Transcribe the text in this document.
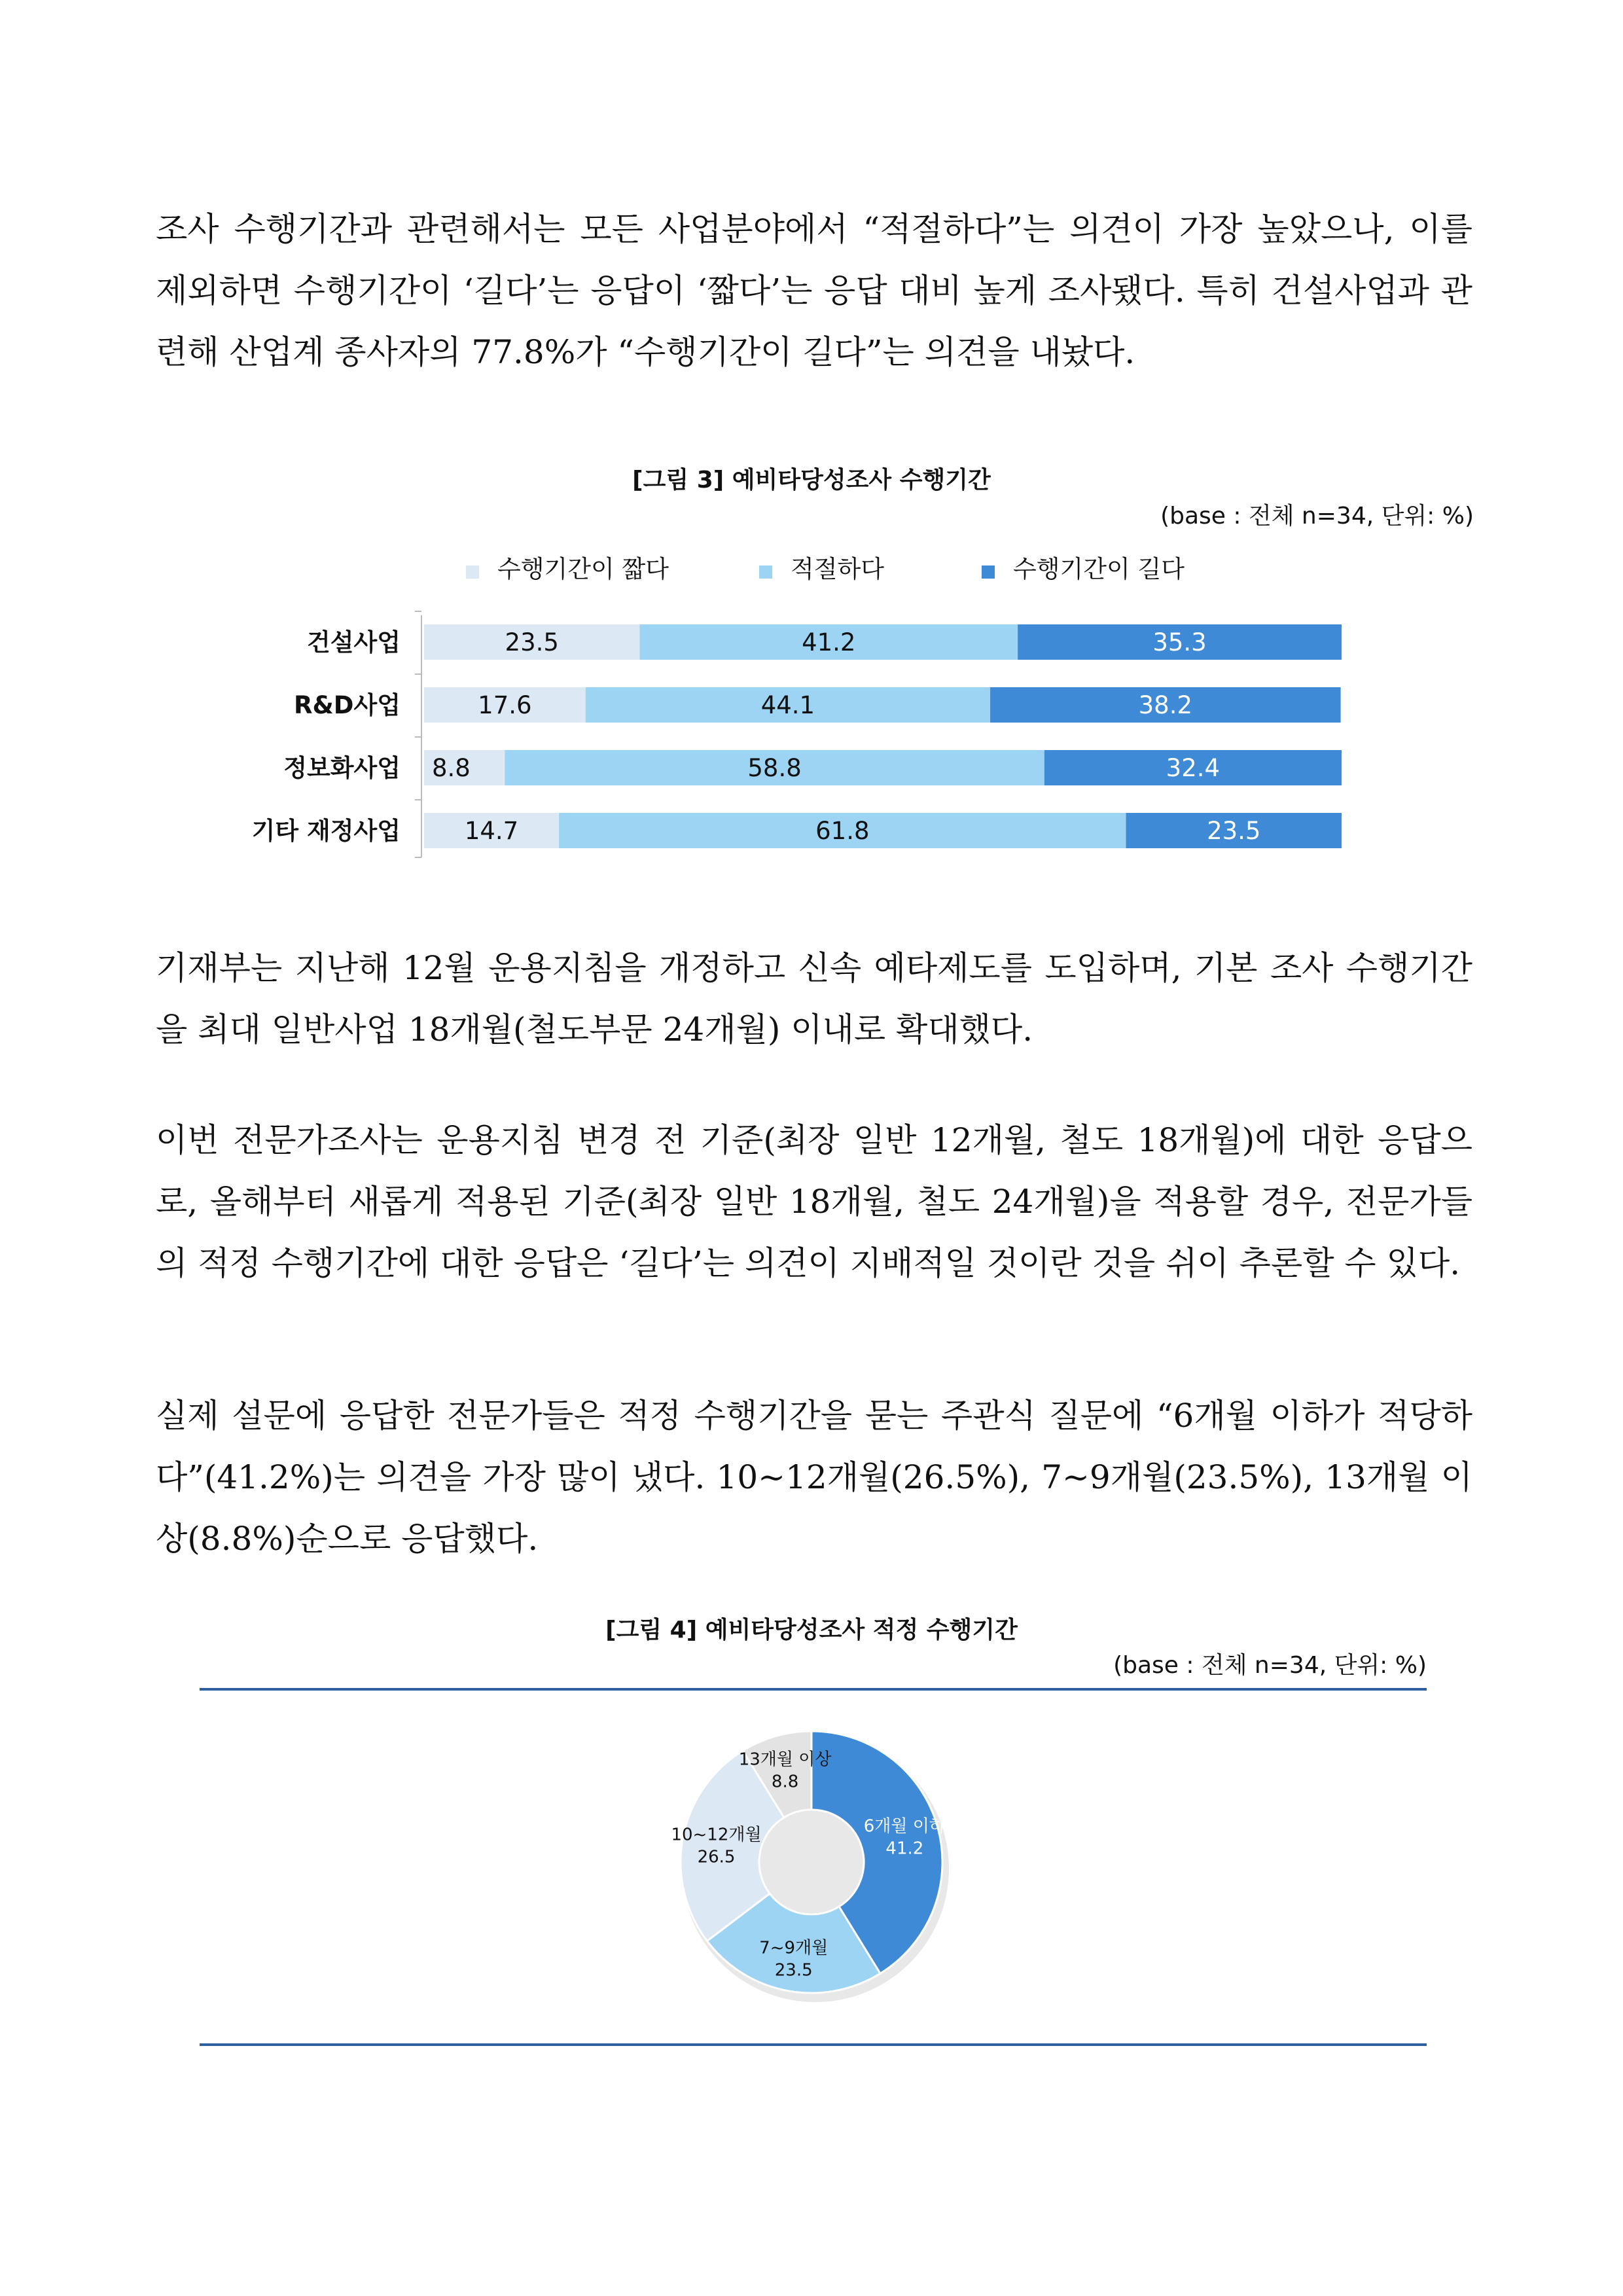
조사 수행기간과 관련해서는 모든 사업분야에서 “적절하다”는 의견이 가장 높았으나, 이를 제외하면 수행기간이 ‘길다’는 응답이 ‘짧다’는 응답 대비 높게 조사됐다. 특히 건설사업과 관련해 산업계 종사자의 77.8%가 “수행기간이 길다”는 의견을 내놨다.

[그림 3] 예비타당성조사 수행기간

(base : 전체 n=34, 단위: %)

수행기간이 짧다	적절하다	수행기간이 길다
건설사업	23.5	41.2	35.3
R&D사업	17.6	44.1	38.2
정보화사업 8.8	58.8	32.4
기타 재정사업	14.7	61.8	23.5

기재부는 지난해 12월 운용지침을 개정하고 신속 예타제도를 도입하며, 기본 조사 수행기간을 최대 일반사업 18개월(철도부문 24개월) 이내로 확대했다.

이번 전문가조사는 운용지침 변경 전 기준(최장 일반 12개월, 철도 18개월)에 대한 응답으로, 올해부터 새롭게 적용된 기준(최장 일반 18개월, 철도 24개월)을 적용할 경우, 전문가들의 적정 수행기간에 대한 응답은 ‘길다’는 의견이 지배적일 것이란 것을 쉬이 추론할 수 있다.

실제 설문에 응답한 전문가들은 적정 수행기간을 묻는 주관식 질문에 “6개월 이하가 적당하다”(41.2%)는 의견을 가장 많이 냈다. 10~12개월(26.5%), 7~9개월(23.5%), 13개월 이상(8.8%)순으로 응답했다.

[그림 4] 예비타당성조사 적정 수행기간

(base : 전체 n=34, 단위: %)

6개월 이하
41.2
7~9개월
23.5
10~12개월
26.5
13개월 이상
8.8
